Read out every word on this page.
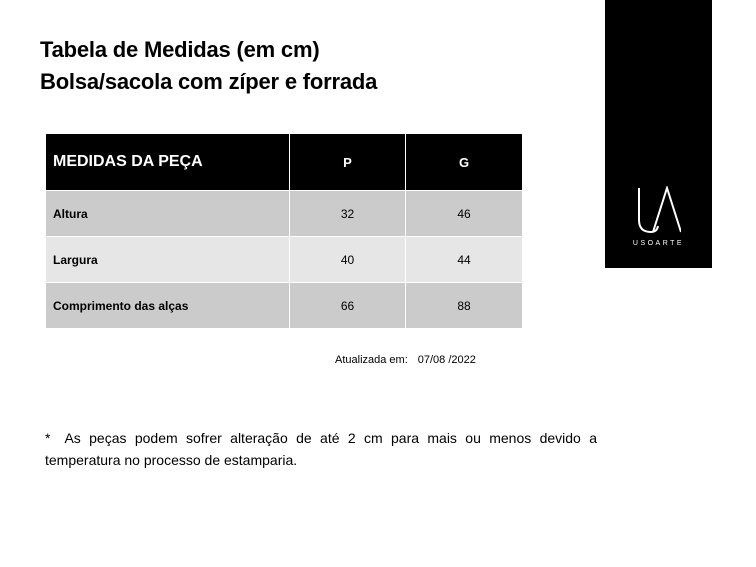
Tabela de Medidas (em cm)
Bolsa/sacola com zíper e forrada
MEDIDAS DA PEÇA	P	G
Altura	32	46
Largura	40	44
Comprimento das alças	66	88
Atualizada em: 07/08 /2022
* As peças podem sofrer alteração de até 2 cm para mais ou menos devido a temperatura no processo de estamparia.
USOARTE
